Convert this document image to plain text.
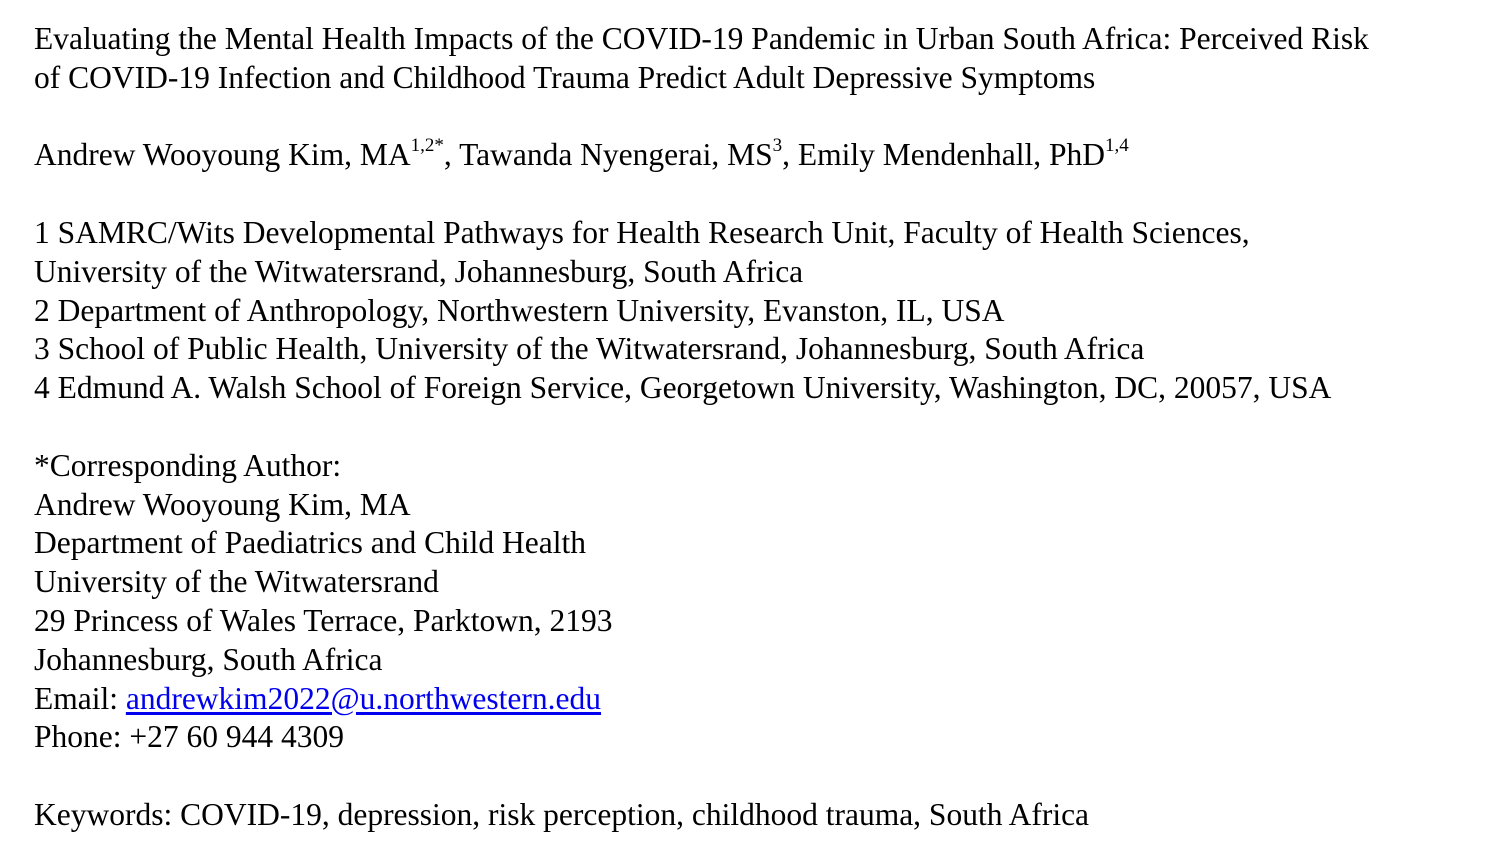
Evaluating the Mental Health Impacts of the COVID-19 Pandemic in Urban South Africa: Perceived Risk
of COVID-19 Infection and Childhood Trauma Predict Adult Depressive Symptoms
Andrew Wooyoung Kim, $MA^{1,2*}$, Tawanda Nyengerai, $MS^3$, Emily Mendenhall, PhD$^{1,4}$
1 SAMRC/Wits Developmental Pathways for Health Research Unit, Faculty of Health Sciences,
University of the Witwatersrand, Johannesburg, South Africa
2 Department of Anthropology, Northwestern University, Evanston, IL, USA
3 School of Public Health, University of the Witwatersrand, Johannesburg, South Africa
4 Edmund A. Walsh School of Foreign Service, Georgetown University, Washington, DC, 20057, USA
*Corresponding Author:
Andrew Wooyoung Kim, MA
Department of Paediatrics and Child Health
University of the Witwatersrand
29 Princess of Wales Terrace, Parktown, 2193
Johannesburg, South Africa
Email: andrewkim2022@u.northwestern.edu
Phone: +27 60 944 4309
Keywords: COVID-19, depression, risk perception, childhood trauma, South Africa
